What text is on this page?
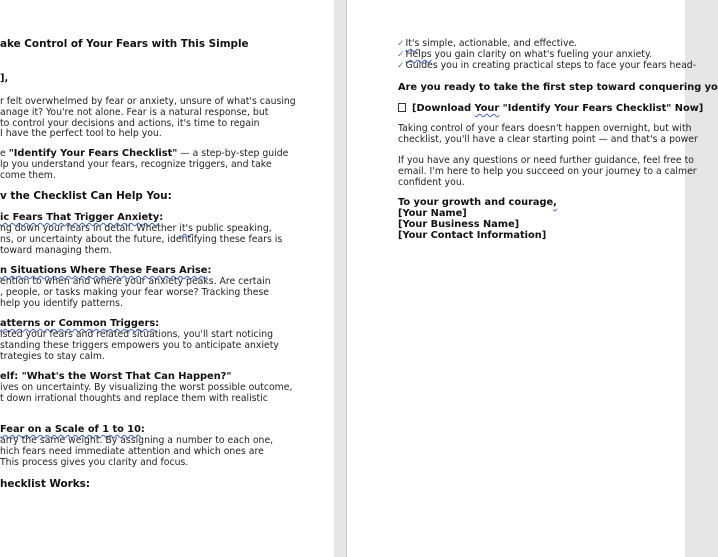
ake Control of Your Fears with This Simple
],
r felt overwhelmed by fear or anxiety, unsure of what's causing
anage it? You're not alone. Fear is a natural response, but
to control your decisions and actions, it's time to regain
I have the perfect tool to help you.
e "Identify Your Fears Checklist" — a step-by-step guide
lp you understand your fears, recognize triggers, and take
come them.
v the Checklist Can Help You:
ic Fears That Trigger Anxiety:
ng down your fears in detail. Whether it's public speaking,
ns, or uncertainty about the future, identifying these fears is
toward managing them.
n Situations Where These Fears Arise:
ention to when and where your anxiety peaks. Are certain
, people, or tasks making your fear worse? Tracking these
help you identify patterns.
atterns or Common Triggers:
isted your fears and related situations, you'll start noticing
standing these triggers empowers you to anticipate anxiety
trategies to stay calm.
elf: "What's the Worst That Can Happen?"
ives on uncertainty. By visualizing the worst possible outcome,
t down irrational thoughts and replace them with realistic
Fear on a Scale of 1 to 10:
arry the same weight. By assigning a number to each one,
hich fears need immediate attention and which ones are
This process gives you clarity and focus.
hecklist Works:
✓It's simple, actionable, and effective.
✓Helps you gain clarity on what's fueling your anxiety.
✓Guides you in creating practical steps to face your fears head-
Are you ready to take the first step toward conquering yo
[Download Your "Identify Your Fears Checklist" Now]
Taking control of your fears doesn't happen overnight, but with
checklist, you'll have a clear starting point — and that's a power
If you have any questions or need further guidance, feel free to
email. I'm here to help you succeed on your journey to a calmer
confident you.
To your growth and courage,
[Your Name]
[Your Business Name]
[Your Contact Information]
